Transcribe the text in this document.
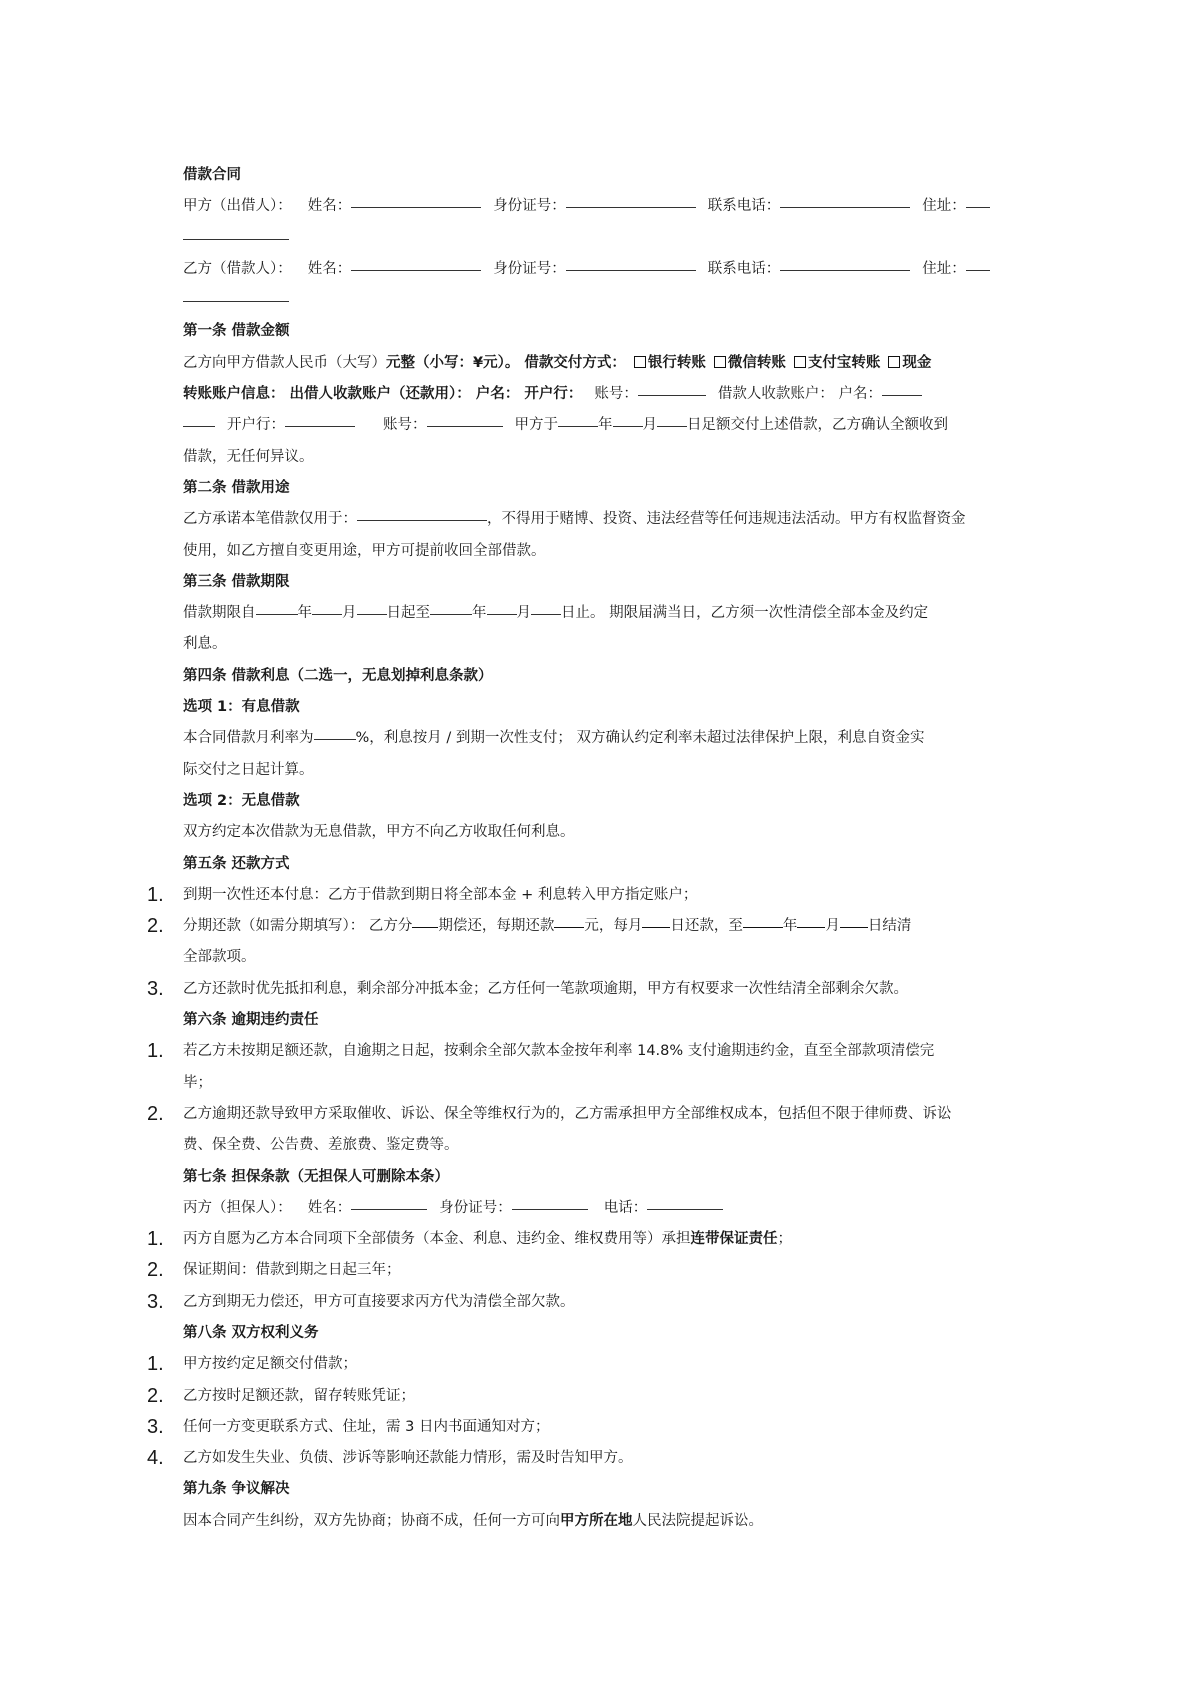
借款合同
甲方（出借人）： 姓名：	身份证号：	联系电话：	住址：
乙方（借款人）： 姓名：	身份证号：	联系电话：	住址：
第一条 借款金额
乙方向甲方借款人民币（大写）元整（小写：¥元）。 借款交付方式： 银行转账 微信转账 支付宝转账 现金
转账账户信息： 出借人收款账户（还款用）： 户名： 开户行： 账号：	借款人收款账户： 户名：
开户行：	账号：	甲方于	年 月 日足额交付上述借款，乙方确认全额收到
借款，无任何异议。
第二条 借款用途
乙方承诺本笔借款仅用于：	，不得用于赌博、投资、违法经营等任何违规违法活动。甲方有权监督资金
使用，如乙方擅自变更用途，甲方可提前收回全部借款。
第三条 借款期限
借款期限自	年 月 日起至	年 月 日止。 期限届满当日，乙方须一次性清偿全部本金及约定
利息。
第四条 借款利息（二选一，无息划掉利息条款）
选项 1：有息借款
本合同借款月利率为	%，利息按月 / 到期一次性支付； 双方确认约定利率未超过法律保护上限，利息自资金实
际交付之日起计算。
选项 2：无息借款
双方约定本次借款为无息借款，甲方不向乙方收取任何利息。
第五条 还款方式
1.	到期一次性还本付息：乙方于借款到期日将全部本金 + 利息转入甲方指定账户；
2.	分期还款（如需分期填写）： 乙方分 期偿还，每期还款 元，每月 日还款，至	年 月 日结清
全部款项。
3.	乙方还款时优先抵扣利息，剩余部分冲抵本金；乙方任何一笔款项逾期，甲方有权要求一次性结清全部剩余欠款。
第六条 逾期违约责任
1.	若乙方未按期足额还款，自逾期之日起，按剩余全部欠款本金按年利率 14.8% 支付逾期违约金，直至全部款项清偿完
毕；
2.	乙方逾期还款导致甲方采取催收、诉讼、保全等维权行为的，乙方需承担甲方全部维权成本，包括但不限于律师费、诉讼
费、保全费、公告费、差旅费、鉴定费等。
第七条 担保条款（无担保人可删除本条）
丙方（担保人）： 姓名：	身份证号：	电话：
1.	丙方自愿为乙方本合同项下全部债务（本金、利息、违约金、维权费用等）承担连带保证责任；
2.	保证期间：借款到期之日起三年；
3.	乙方到期无力偿还，甲方可直接要求丙方代为清偿全部欠款。
第八条 双方权利义务
1.	甲方按约定足额交付借款；
2.	乙方按时足额还款，留存转账凭证；
3.	任何一方变更联系方式、住址，需 3 日内书面通知对方；
4.	乙方如发生失业、负债、涉诉等影响还款能力情形，需及时告知甲方。
第九条 争议解决
因本合同产生纠纷，双方先协商；协商不成，任何一方可向甲方所在地人民法院提起诉讼。
